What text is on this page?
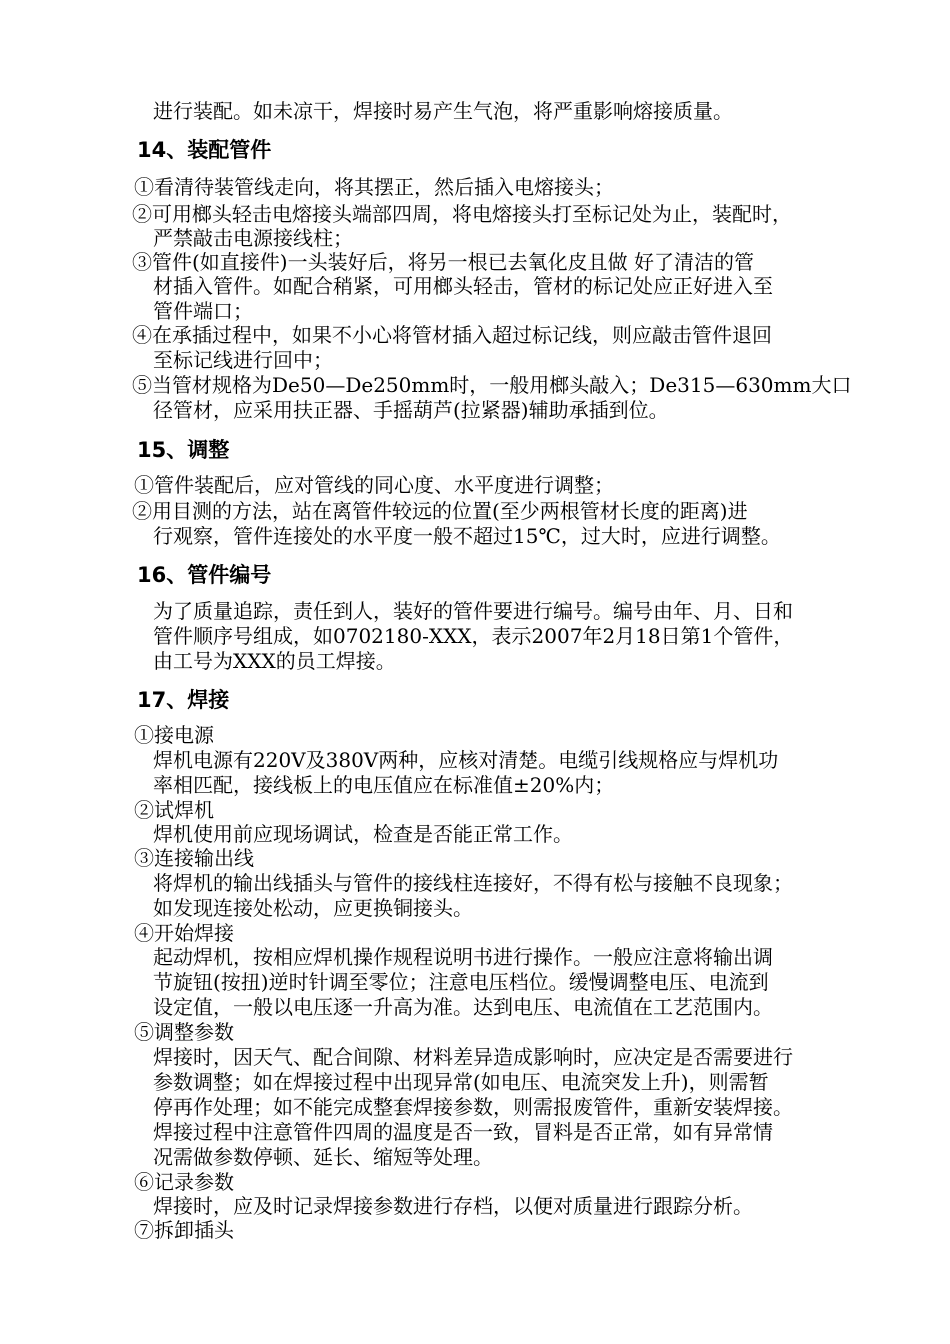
进行装配。如未凉干，焊接时易产生气泡，将严重影响熔接质量。
14、装配管件
①看清待装管线走向，将其摆正，然后插入电熔接头；
②可用榔头轻击电熔接头端部四周，将电熔接头打至标记处为止，装配时，
严禁敲击电源接线柱；
③管件(如直接件)一头装好后，将另一根已去氧化皮且做 好了清洁的管
材插入管件。如配合稍紧，可用榔头轻击，管材的标记处应正好进入至
管件端口；
④在承插过程中，如果不小心将管材插入超过标记线，则应敲击管件退回
至标记线进行回中；
⑤当管材规格为De50—De250mm时，一般用榔头敲入；De315—630mm大口
径管材，应采用扶正器、手摇葫芦(拉紧器)辅助承插到位。
15、调整
①管件装配后，应对管线的同心度、水平度进行调整；
②用目测的方法，站在离管件较远的位置(至少两根管材长度的距离)进
行观察，管件连接处的水平度一般不超过15℃，过大时，应进行调整。
16、管件编号
为了质量追踪，责任到人，装好的管件要进行编号。编号由年、月、日和
管件顺序号组成，如0702180-XXX，表示2007年2月18日第1个管件，
由工号为XXX的员工焊接。
17、焊接
①接电源
焊机电源有220V及380V两种，应核对清楚。电缆引线规格应与焊机功
率相匹配，接线板上的电压值应在标准值±20%内；
②试焊机
焊机使用前应现场调试，检查是否能正常工作。
③连接输出线
将焊机的输出线插头与管件的接线柱连接好，不得有松与接触不良现象；
如发现连接处松动，应更换铜接头。
④开始焊接
起动焊机，按相应焊机操作规程说明书进行操作。一般应注意将输出调
节旋钮(按扭)逆时针调至零位；注意电压档位。缓慢调整电压、电流到
设定值，一般以电压逐一升高为准。达到电压、电流值在工艺范围内。
⑤调整参数
焊接时，因天气、配合间隙、材料差异造成影响时，应决定是否需要进行
参数调整；如在焊接过程中出现异常(如电压、电流突发上升)，则需暂
停再作处理；如不能完成整套焊接参数，则需报废管件，重新安装焊接。
焊接过程中注意管件四周的温度是否一致，冒料是否正常，如有异常情
况需做参数停顿、延长、缩短等处理。
⑥记录参数
焊接时，应及时记录焊接参数进行存档，以便对质量进行跟踪分析。
⑦拆卸插头
